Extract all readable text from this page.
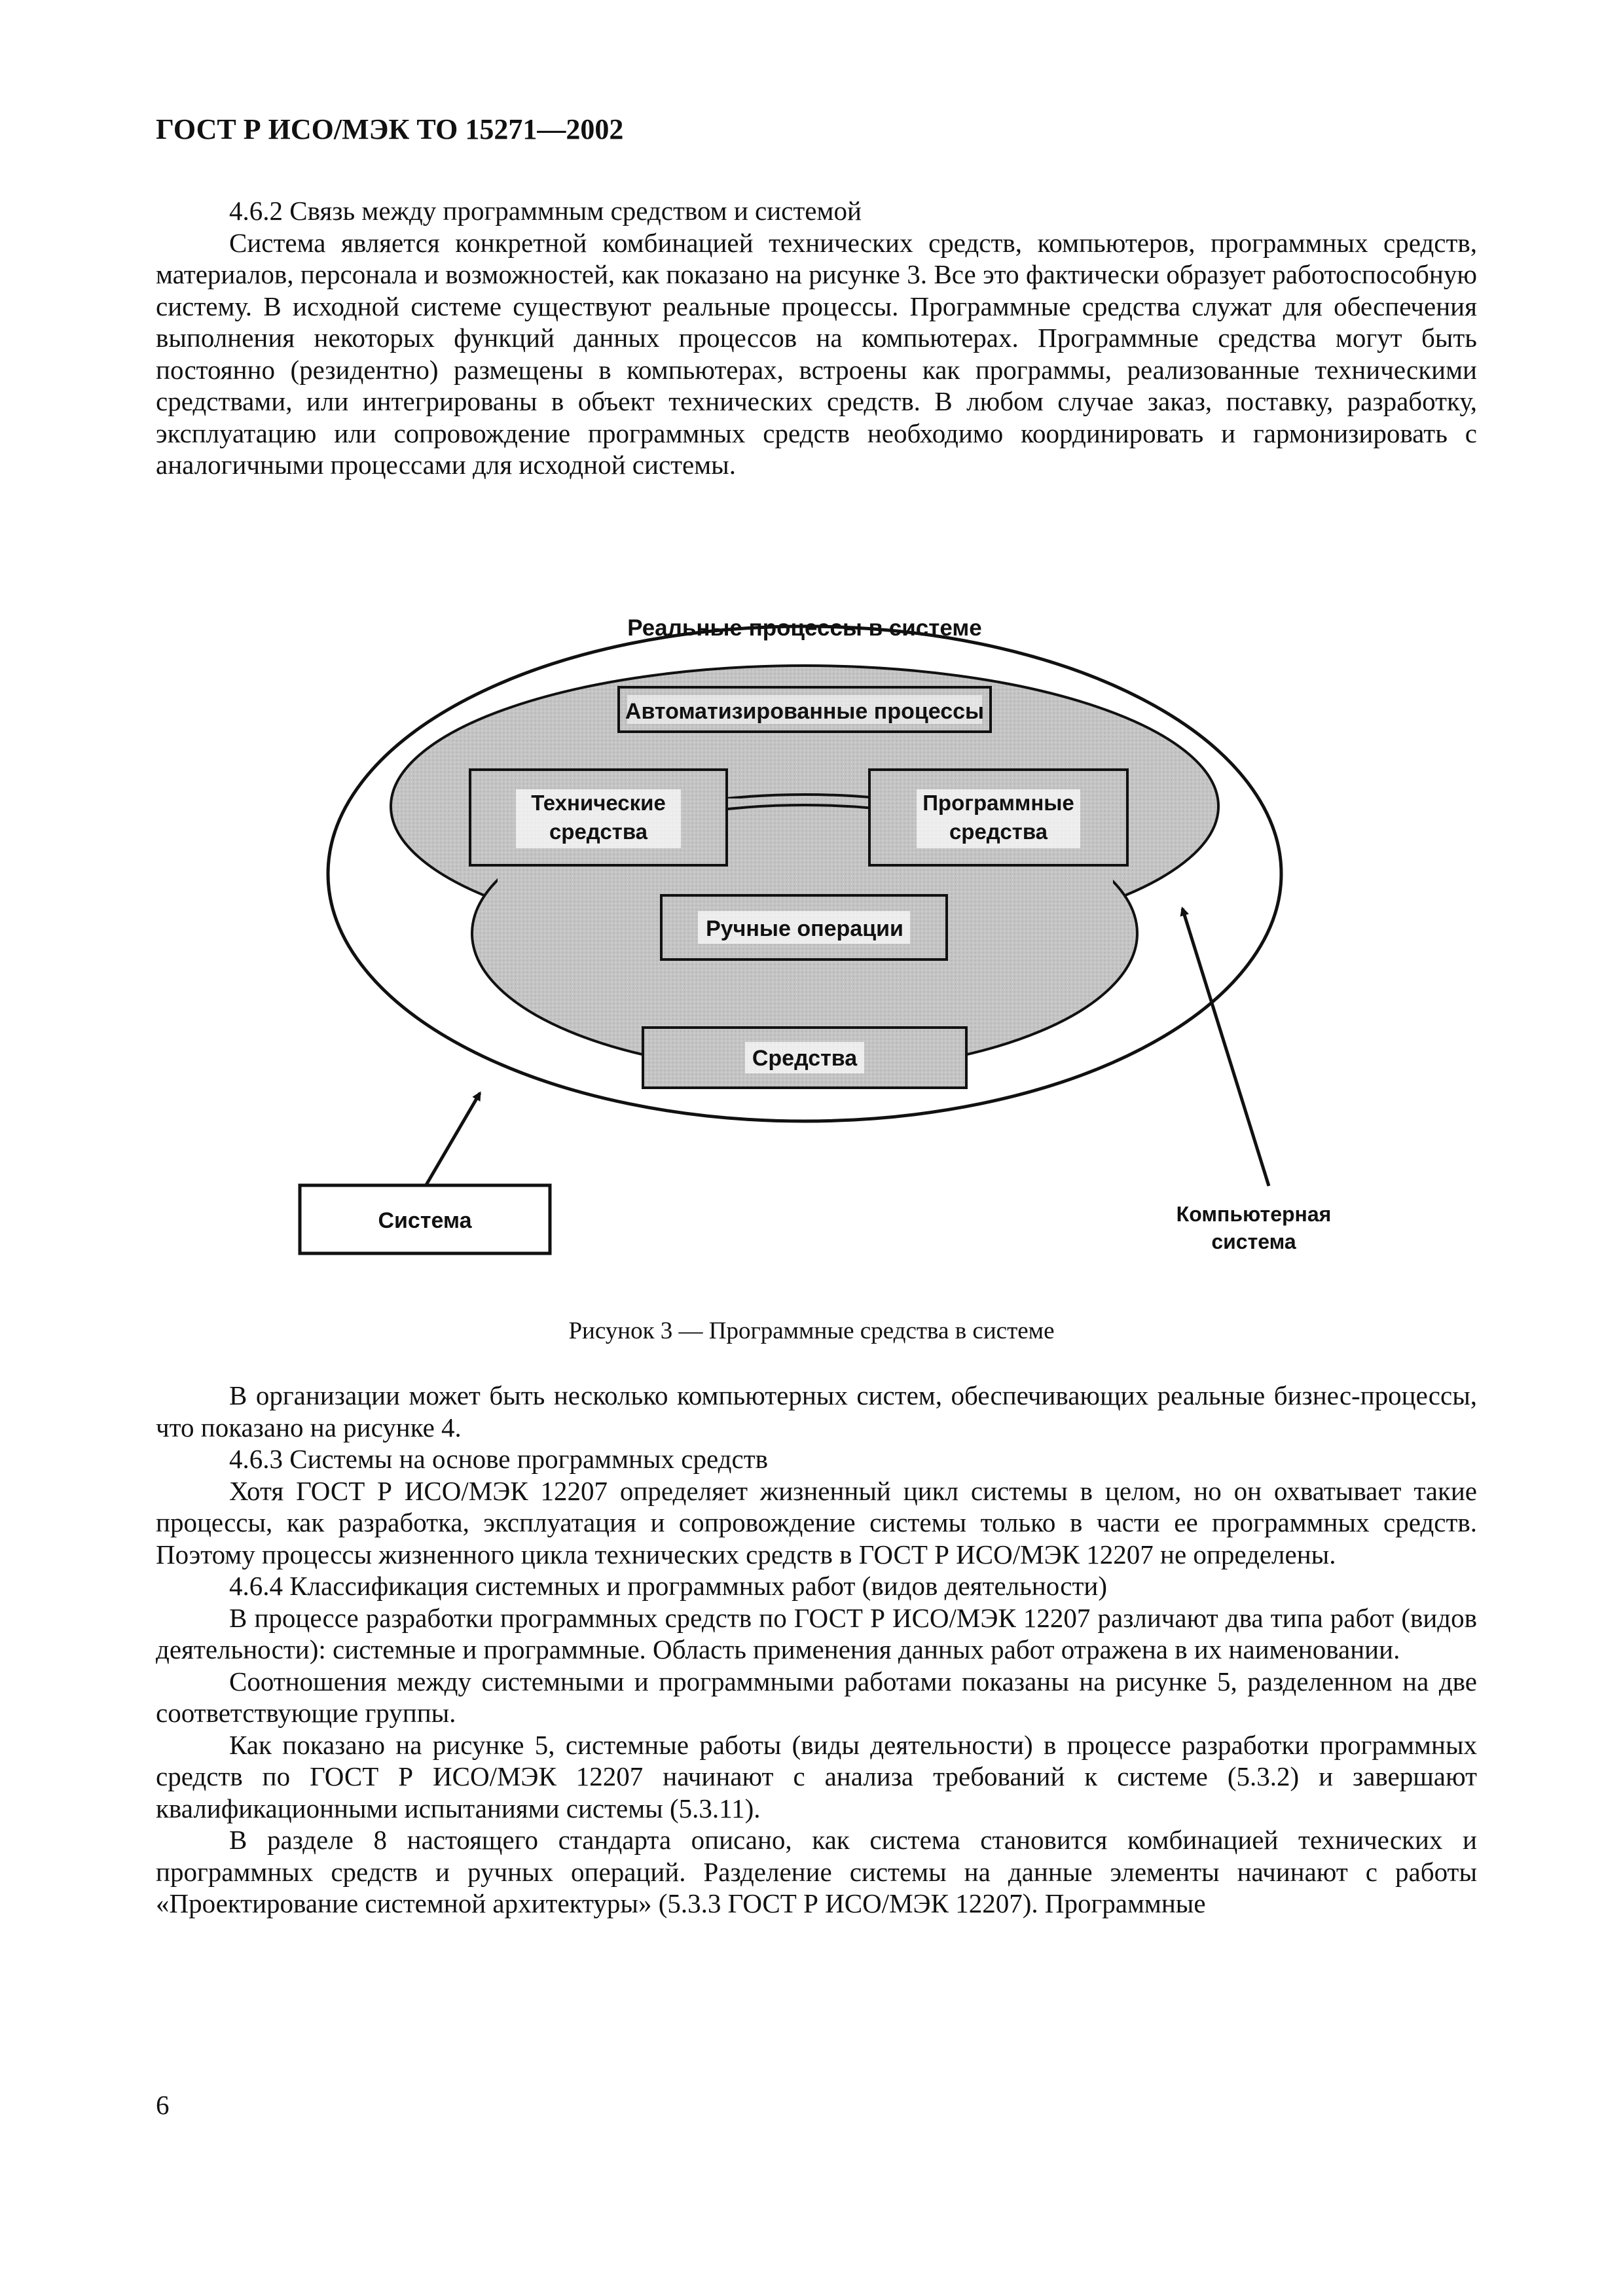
ГОСТ Р ИСО/МЭК ТО 15271—2002

4.6.2 Связь между программным средством и системой

Система является конкретной комбинацией технических средств, компьютеров, программных средств, материалов, персонала и возможностей, как показано на рисунке 3. Все это фактически образует работоспособную систему. В исходной системе существуют реальные процессы. Программные средства служат для обеспечения выполнения некоторых функций данных процессов на компьютерах. Программные средства могут быть постоянно (резидентно) размещены в компьютерах, встроены как программы, реализованные техническими средствами, или интегрированы в объект технических средств. В любом случае заказ, поставку, разработку, эксплуатацию или сопровождение программных средств необходимо координировать и гармонизировать с аналогичными процессами для исходной системы.

Реальные процессы в системе
Автоматизированные процессы
Технические
средства
Программные
средства
Ручные операции
Средства
Система	Компьютерная
система
Рисунок 3 — Программные средства в системе

В организации может быть несколько компьютерных систем, обеспечивающих реальные бизнес-процессы, что показано на рисунке 4.

4.6.3 Системы на основе программных средств

Хотя ГОСТ Р ИСО/МЭК 12207 определяет жизненный цикл системы в целом, но он охватывает такие процессы, как разработка, эксплуатация и сопровождение системы только в части ее программных средств. Поэтому процессы жизненного цикла технических средств в ГОСТ Р ИСО/МЭК 12207 не определены.

4.6.4 Классификация системных и программных работ (видов деятельности)

В процессе разработки программных средств по ГОСТ Р ИСО/МЭК 12207 различают два типа работ (видов деятельности): системные и программные. Область применения данных работ отражена в их наименовании.

Соотношения между системными и программными работами показаны на рисунке 5, разделенном на две соответствующие группы.

Как показано на рисунке 5, системные работы (виды деятельности) в процессе разработки программных средств по ГОСТ Р ИСО/МЭК 12207 начинают с анализа требований к системе (5.3.2) и завершают квалификационными испытаниями системы (5.3.11).

В разделе 8 настоящего стандарта описано, как система становится комбинацией технических и программных средств и ручных операций. Разделение системы на данные элементы начинают с работы «Проектирование системной архитектуры» (5.3.3 ГОСТ Р ИСО/МЭК 12207). Программные

6
